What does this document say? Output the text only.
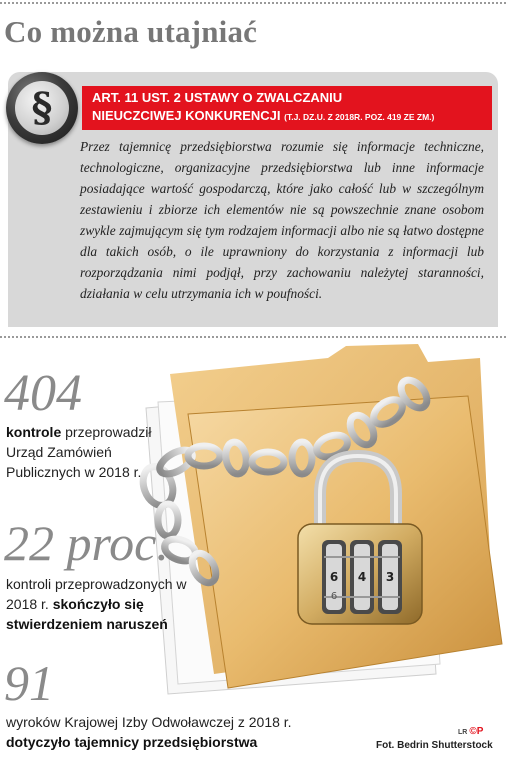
Co można utajniać
§	ART. 11 UST. 2 USTAWY O ZWALCZANIU
NIEUCZCIWEJ KONKURENCJI (T.J. DZ.U. Z 2018R. POZ. 419 ZE ZM.)

Przez tajemnicę przedsiębiorstwa rozumie się informacje techniczne, technologiczne, organizacyjne przedsiębiorstwa lub inne informacje posiadające wartość gospodarczą, które jako całość lub w szczególnym zestawieniu i zbiorze ich elementów nie są powszechnie znane osobom zwykle zajmującym się tym rodzajem informacji albo nie są łatwo dostępne dla takich osób, o ile uprawniony do korzystania z informacji lub rozporządzania nimi podjął, przy zachowaniu należytej staranności, działania w celu utrzymania ich w poufności.

6 4 3
6
404

kontrole przeprowadził Urząd Zamówień Publicznych w 2018 r.

22 proc.

kontroli przeprowadzonych w 2018 r. skończyło się stwierdzeniem naruszeń

91

wyroków Krajowej Izby Odwoławczej z 2018 r.
dotyczyło tajemnicy przedsiębiorstwa

LR ©P
Fot. Bedrin Shutterstock
